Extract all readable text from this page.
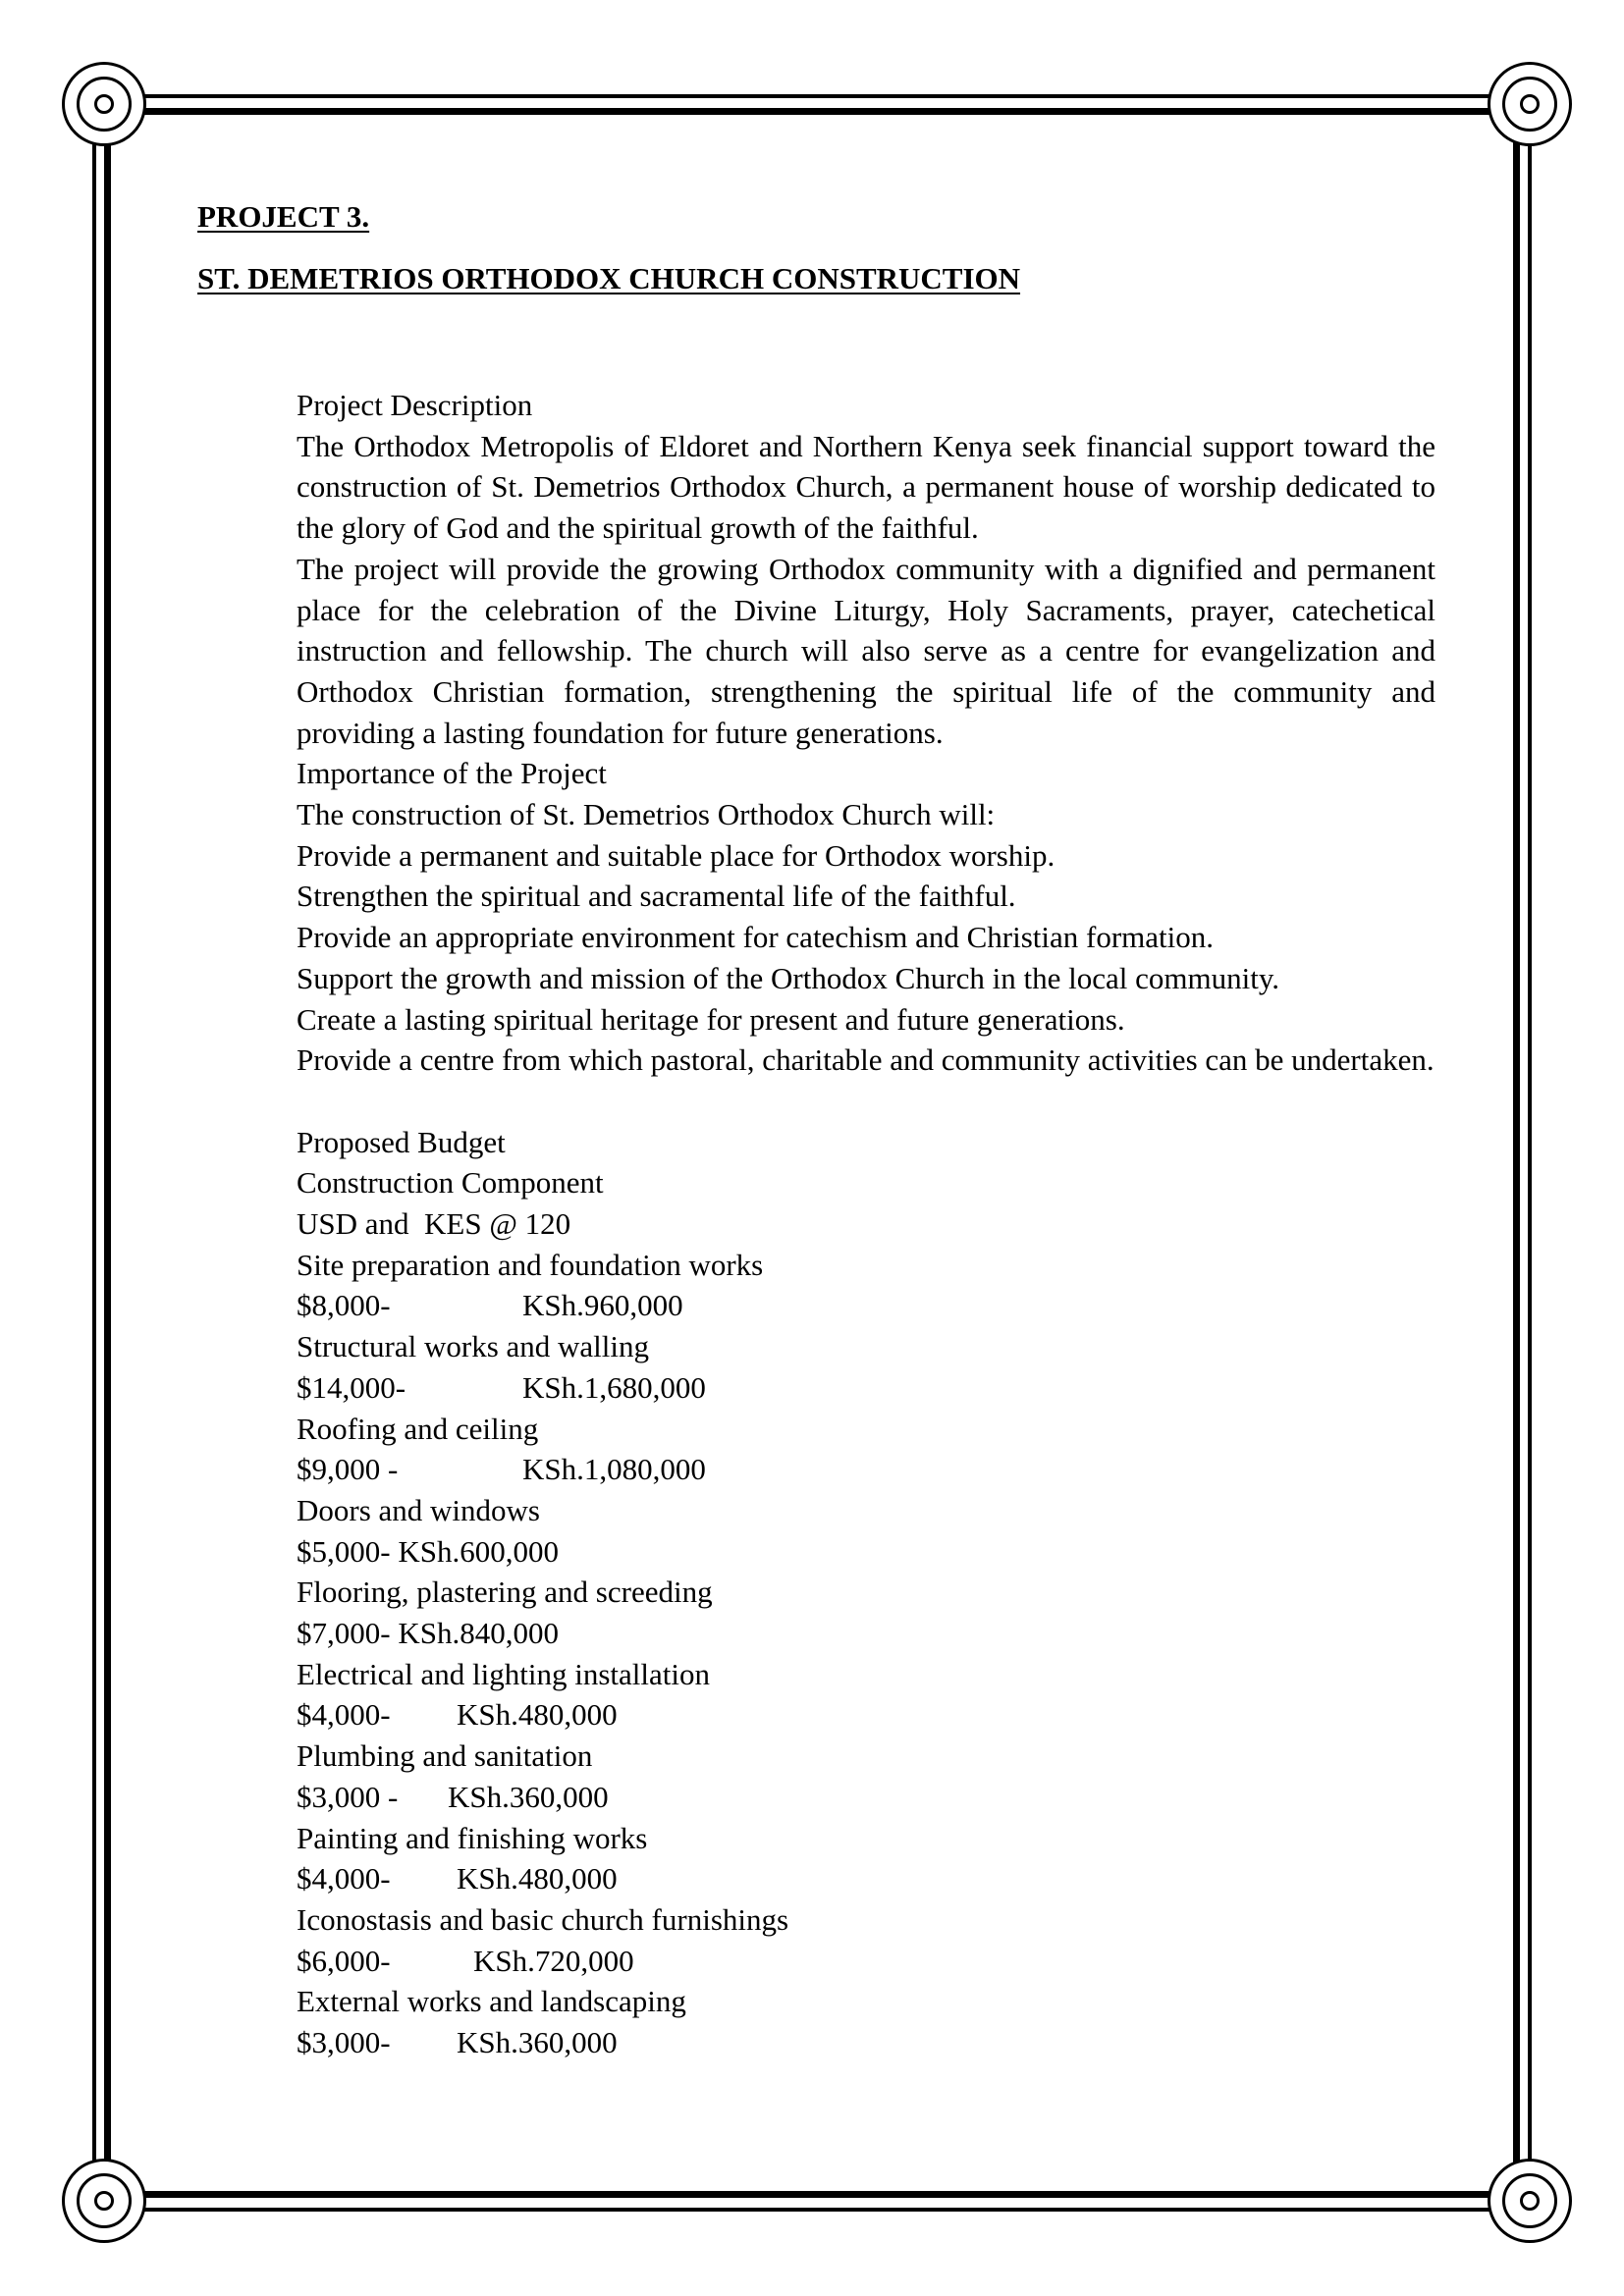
PROJECT 3.
ST. DEMETRIOS ORTHODOX CHURCH CONSTRUCTION

Project Description

The Orthodox Metropolis of Eldoret and Northern Kenya seek financial support toward the construction of St. Demetrios Orthodox Church, a permanent house of worship dedicated to the glory of God and the spiritual growth of the faithful.

The project will provide the growing Orthodox community with a dignified and permanent place for the celebration of the Divine Liturgy, Holy Sacraments, prayer, catechetical instruction and fellowship. The church will also serve as a centre for evangelization and Orthodox Christian formation, strengthening the spiritual life of the community and providing a lasting foundation for future generations.

Importance of the Project

The construction of St. Demetrios Orthodox Church will:

Provide a permanent and suitable place for Orthodox worship.

Strengthen the spiritual and sacramental life of the faithful.

Provide an appropriate environment for catechism and Christian formation.

Support the growth and mission of the Orthodox Church in the local community.

Create a lasting spiritual heritage for present and future generations.

Provide a centre from which pastoral, charitable and community activities can be undertaken.

Proposed Budget

Construction Component

USD and  KES @ 120

Site preparation and foundation works

$8,000-	KSh.960,000

Structural works and walling

$14,000-	KSh.1,680,000

Roofing and ceiling

$9,000 -	KSh.1,080,000

Doors and windows

$5,000- KSh.600,000

Flooring, plastering and screeding

$7,000- KSh.840,000

Electrical and lighting installation

$4,000- KSh.480,000

Plumbing and sanitation

$3,000 - KSh.360,000

Painting and finishing works

$4,000- KSh.480,000

Iconostasis and basic church furnishings

$6,000-	KSh.720,000

External works and landscaping

$3,000- KSh.360,000
